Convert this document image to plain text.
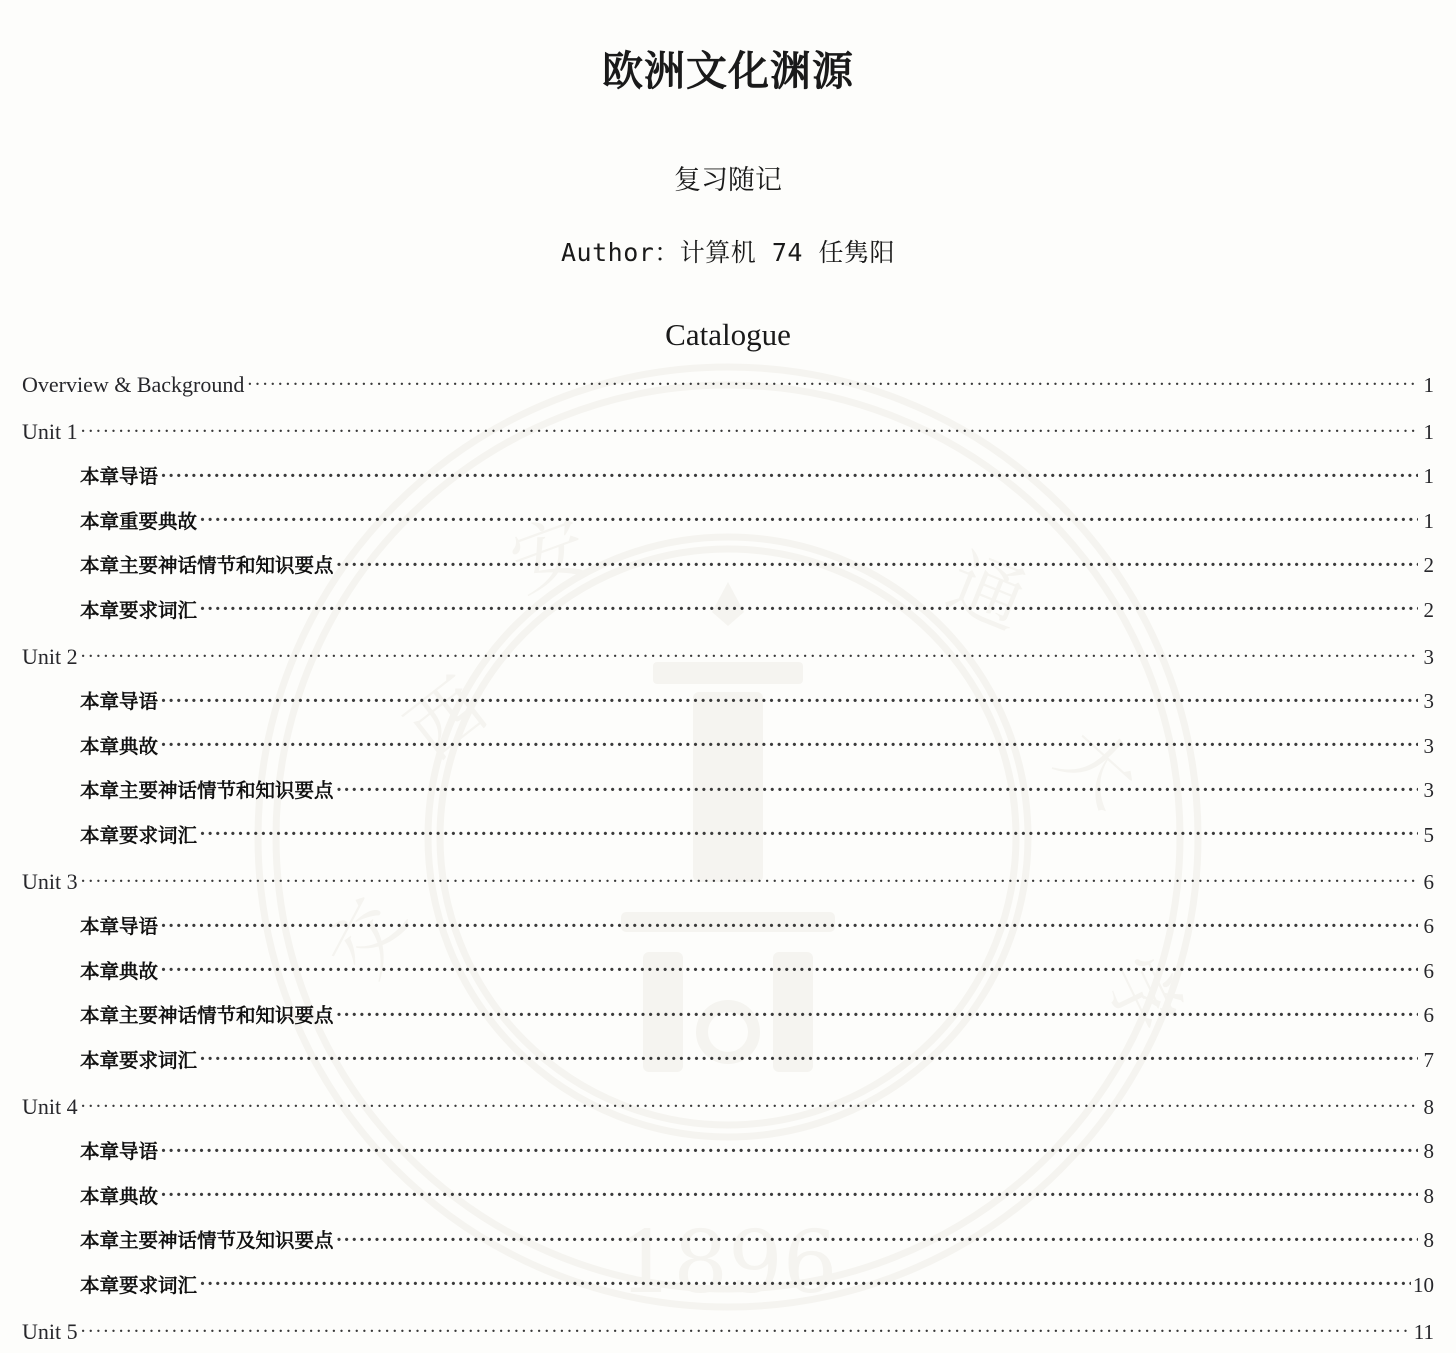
1896
西
安	通
大
学
交
欧洲文化渊源
复习随记
Author：计算机 74 任隽阳
Catalogue
Overview & Background .....	1
Unit 1 .....	1
本章导语 .....	1
本章重要典故 .....	1
本章主要神话情节和知识要点 .....	2
本章要求词汇 .....	2
Unit 2 .....	3
本章导语 .....	3
本章典故 .....	3
本章主要神话情节和知识要点 .....	3
本章要求词汇 .....	5
Unit 3 .....	6
本章导语 .....	6
本章典故 .....	6
本章主要神话情节和知识要点 .....	6
本章要求词汇 .....	7
Unit 4 .....	8
本章导语 .....	8
本章典故 .....	8
本章主要神话情节及知识要点 .....	8
本章要求词汇 .....	10
Unit 5 .....	11
